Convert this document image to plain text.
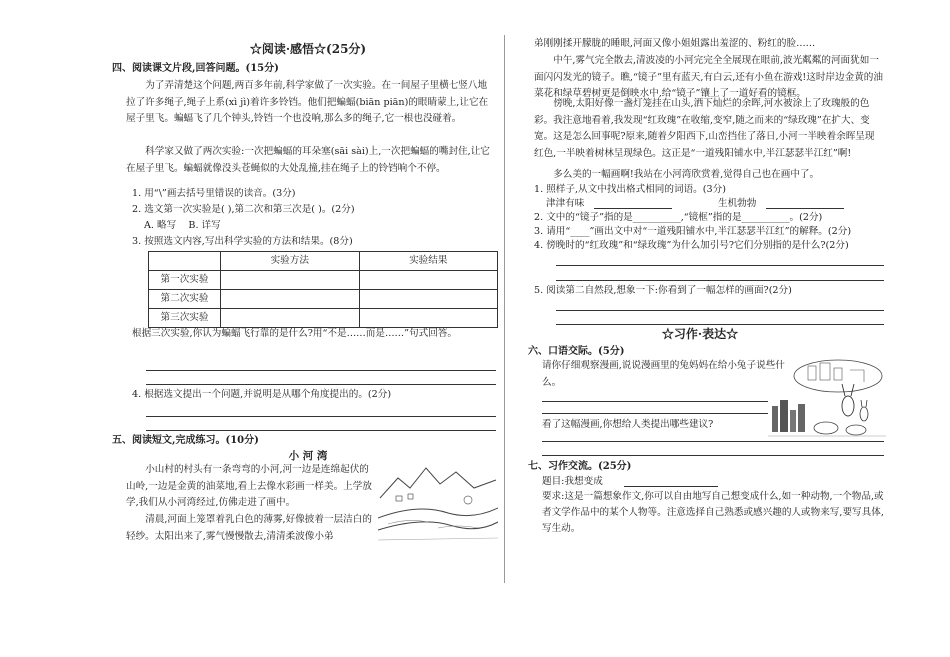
☆阅读·感悟☆(25分)
四、阅读课文片段,回答问题。(15分)
为了弄清楚这个问题,两百多年前,科学家做了一次实验。在一间屋子里横七竖八地拉了许多绳子,绳子上系(xì jì)着许多铃铛。他们把蝙蝠(biān piān)的眼睛蒙上,让它在屋子里飞。蝙蝠飞了几个钟头,铃铛一个也没响,那么多的绳子,它一根也没碰着。
科学家又做了两次实验:一次把蝙蝠的耳朵塞(sāi sài)上,一次把蝙蝠的嘴封住,让它在屋子里飞。蝙蝠就像没头苍蝇似的大处乱撞,挂在绳子上的铃铛响个不停。
1. 用“\”画去括号里错误的读音。(3分)
2. 选文第一次实验是( ),第二次和第三次是( )。(2分)
A. 略写    B. 详写
3. 按照选文内容,写出科学实验的方法和结果。(8分)
	实验方法	实验结果
第一次实验		
第二次实验		
第三次实验		
根据三次实验,你认为蝙蝠飞行靠的是什么?用“不是……而是……”句式回答。
4. 根据选文提出一个问题,并说明是从哪个角度提出的。(2分)
五、阅读短文,完成练习。(10分)
小 河 湾
小山村的村头有一条弯弯的小河,河一边是连绵起伏的山岭,一边是金黄的油菜地,看上去像水彩画一样美。上学放学,我们从小河湾经过,仿佛走进了画中。
清晨,河面上笼罩着乳白色的薄雾,好像披着一层洁白的轻纱。太阳出来了,雾气慢慢散去,清清柔波像小弟
弟刚刚揉开朦胧的睡眼,河面又像小姐姐露出羞涩的、粉红的脸……
中午,雾气完全散去,清波凌的小河完完全全展现在眼前,波光粼粼的河面犹如一面闪闪发光的镜子。瞧,“镜子”里有蓝天,有白云,还有小鱼在游戏!这时岸边金黄的油菜花和绿草碧树更是倒映水中,给“镜子”镶上了一道好看的镜框。
傍晚,太阳好像一盏灯笼挂在山头,洒下灿烂的余晖,河水被涂上了玫瑰般的色彩。我注意地看着,我发现“红玫瑰”在收缩,变窄,随之而来的“绿玫瑰”在扩大、变宽。这是怎么回事呢?原来,随着夕阳西下,山峦挡住了落日,小河一半映着余晖呈现红色,一半映着树林呈现绿色。这正是“一道残阳铺水中,半江瑟瑟半江红”啊!
多么美的一幅画啊!我站在小河湾欣赏着,觉得自己也在画中了。
1. 照样子,从文中找出格式相同的词语。(3分)
津津有味	生机勃勃
2. 文中的“镜子”指的是__________,“镜框”指的是__________。(2分)
3. 请用“____”画出文中对“一道残阳铺水中,半江瑟瑟半江红”的解释。(2分)
4. 傍晚时的“红玫瑰”和“绿玫瑰”为什么加引号?它们分别指的是什么?(2分)
5. 阅读第二自然段,想象一下:你看到了一幅怎样的画面?(2分)
☆习作·表达☆
六、口语交际。(5分)
请你仔细观察漫画,说说漫画里的兔妈妈在给小兔子说些什么。
看了这幅漫画,你想给人类提出哪些建议?
七、习作交流。(25分)
题目:我想变成
要求:这是一篇想象作文,你可以自由地写自己想变成什么,如一种动物,一个物品,或者文学作品中的某个人物等。注意选择自己熟悉或感兴趣的人或物来写,要写具体,写生动。
